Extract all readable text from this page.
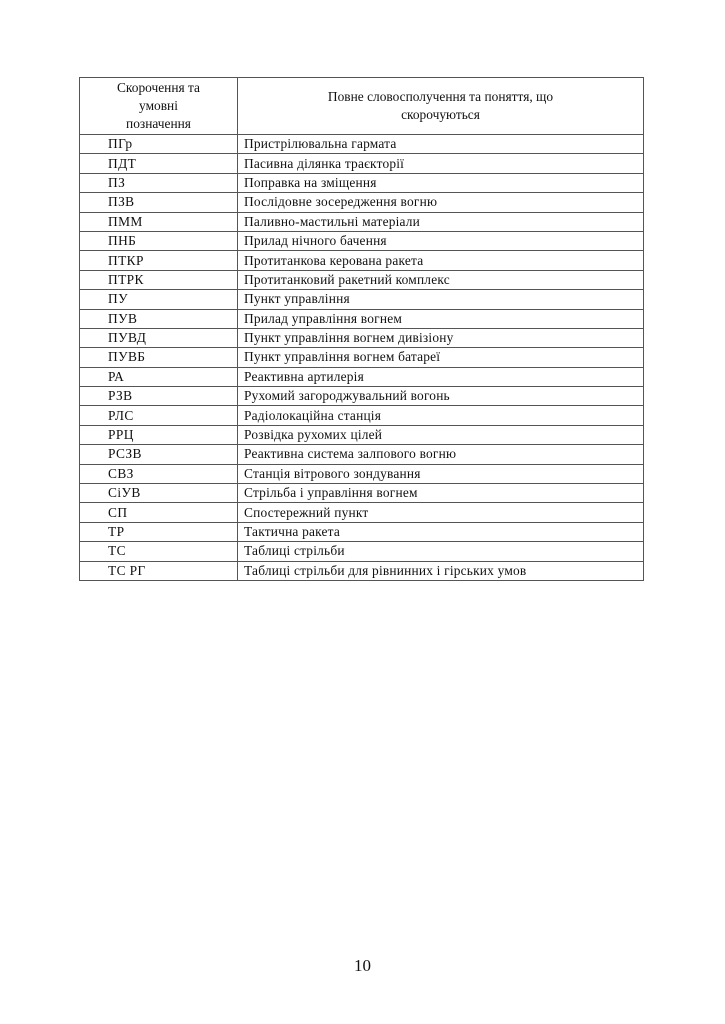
Скорочення та умовні позначення	Повне словосполучення та поняття, що скорочуються

ПГр	Пристрілювальна гармата
ПДТ	Пасивна ділянка траєкторії
ПЗ	Поправка на зміщення
ПЗВ	Послідовне зосередження вогню
ПММ	Паливно-мастильні матеріали
ПНБ	Прилад нічного бачення
ПТКР	Протитанкова керована ракета
ПТРК	Протитанковий ракетний комплекс
ПУ	Пункт управління
ПУВ	Прилад управління вогнем
ПУВД	Пункт управління вогнем дивізіону
ПУВБ	Пункт управління вогнем батареї
РА	Реактивна артилерія
РЗВ	Рухомий загороджувальний вогонь
РЛС	Радіолокаційна станція
РРЦ	Розвідка рухомих цілей
РСЗВ	Реактивна система залпового вогню
СВЗ	Станція вітрового зондування
СіУВ	Стрільба і управління вогнем
СП	Спостережний пункт
ТР	Тактична ракета
ТС	Таблиці стрільби
ТС РГ	Таблиці стрільби для рівнинних і гірських умов
10
